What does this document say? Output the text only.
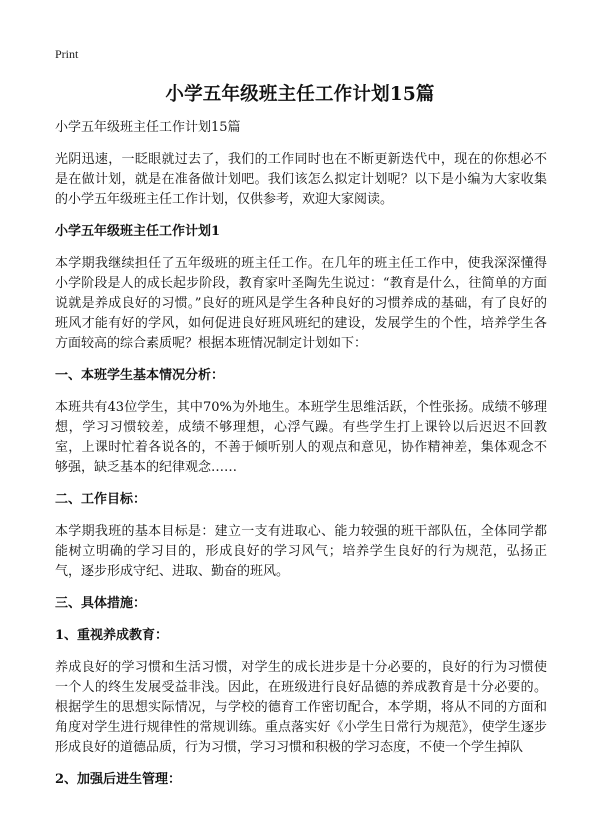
Print
小学五年级班主任工作计划15篇
小学五年级班主任工作计划15篇

光阴迅速，一眨眼就过去了，我们的工作同时也在不断更新迭代中，现在的你想必不是在做计划，就是在准备做计划吧。我们该怎么拟定计划呢？以下是小编为大家收集的小学五年级班主任工作计划，仅供参考，欢迎大家阅读。

小学五年级班主任工作计划1

本学期我继续担任了五年级班的班主任工作。在几年的班主任工作中，使我深深懂得小学阶段是人的成长起步阶段，教育家叶圣陶先生说过：“教育是什么，往简单的方面说就是养成良好的习惯。”良好的班风是学生各种良好的习惯养成的基础，有了良好的班风才能有好的学风，如何促进良好班风班纪的建设，发展学生的个性，培养学生各方面较高的综合素质呢？根据本班情况制定计划如下：

一、本班学生基本情况分析：

本班共有43位学生，其中70%为外地生。本班学生思维活跃，个性张扬。成绩不够理想，学习习惯较差，成绩不够理想，心浮气躁。有些学生打上课铃以后迟迟不回教室，上课时忙着各说各的，不善于倾听别人的观点和意见，协作精神差，集体观念不够强，缺乏基本的纪律观念……

二、工作目标：

本学期我班的基本目标是：建立一支有进取心、能力较强的班干部队伍，全体同学都能树立明确的学习目的，形成良好的学习风气；培养学生良好的行为规范，弘扬正气，逐步形成守纪、进取、勤奋的班风。

三、具体措施：
1、重视养成教育：

养成良好的学习惯和生活习惯，对学生的成长进步是十分必要的，良好的行为习惯使一个人的终生发展受益非浅。因此，在班级进行良好品德的养成教育是十分必要的。根据学生的思想实际情况，与学校的德育工作密切配合，本学期，将从不同的方面和角度对学生进行规律性的常规训练。重点落实好《小学生日常行为规范》，使学生逐步形成良好的道德品质，行为习惯，学习习惯和积极的学习态度，不使一个学生掉队

2、加强后进生管理：
